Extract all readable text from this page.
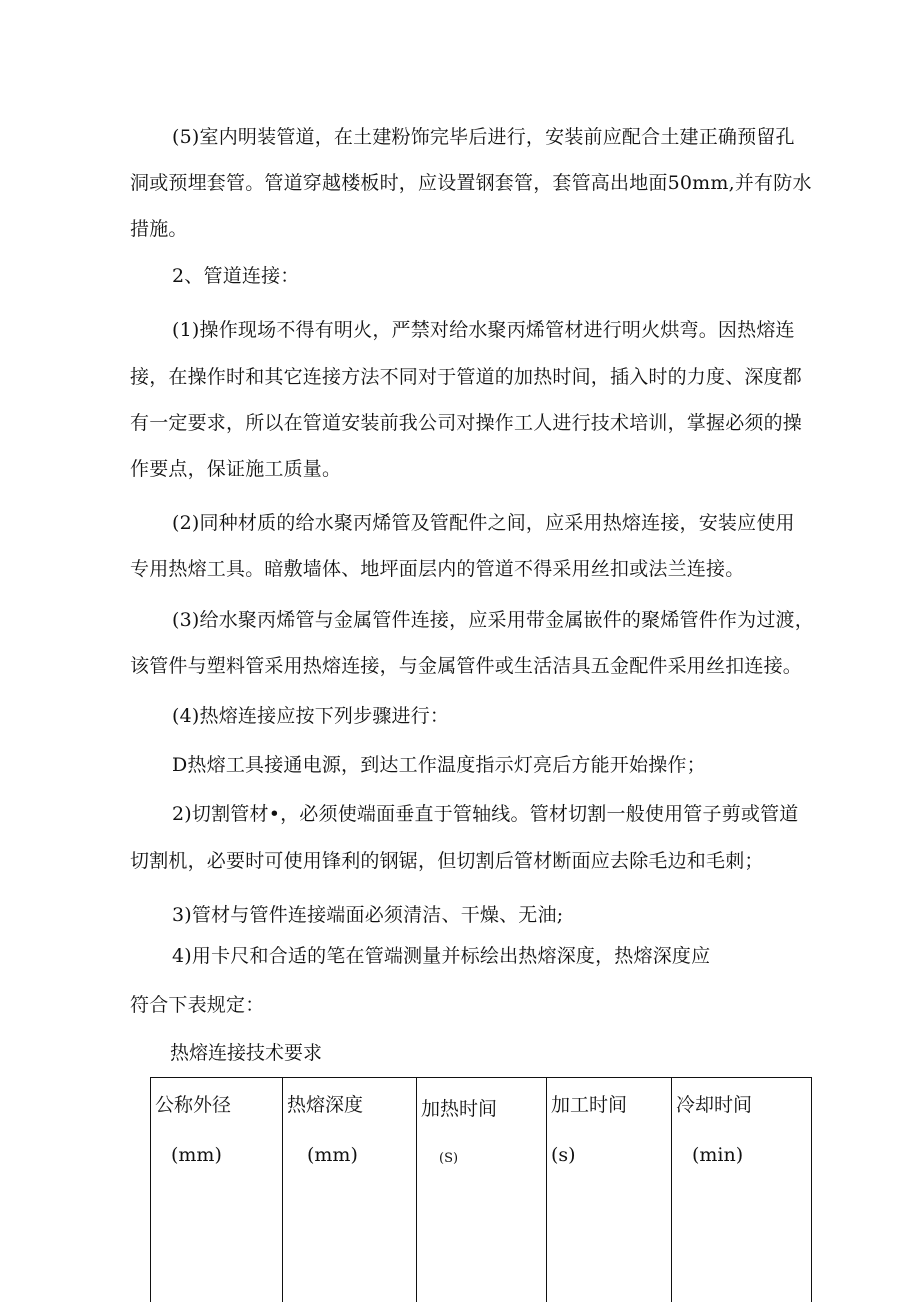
(5)室内明装管道，在土建粉饰完毕后进行，安装前应配合土建正确预留孔
洞或预埋套管。管道穿越楼板时，应设置钢套管，套管高出地面50mm,并有防水
措施。
2、管道连接：
(1)操作现场不得有明火，严禁对给水聚丙烯管材进行明火烘弯。因热熔连
接，在操作时和其它连接方法不同对于管道的加热时间，插入时的力度、深度都
有一定要求，所以在管道安装前我公司对操作工人进行技术培训，掌握必须的操
作要点，保证施工质量。
(2)同种材质的给水聚丙烯管及管配件之间，应采用热熔连接，安装应使用
专用热熔工具。暗敷墙体、地坪面层内的管道不得采用丝扣或法兰连接。
(3)给水聚丙烯管与金属管件连接，应采用带金属嵌件的聚烯管件作为过渡，
该管件与塑料管采用热熔连接，与金属管件或生活洁具五金配件采用丝扣连接。
(4)热熔连接应按下列步骤进行：
D热熔工具接通电源，到达工作温度指示灯亮后方能开始操作；
2)切割管材•，必须使端面垂直于管轴线。管材切割一般使用管子剪或管道
切割机，必要时可使用锋利的钢锯，但切割后管材断面应去除毛边和毛刺；
3)管材与管件连接端面必须清洁、干燥、无油;
4)用卡尺和合适的笔在管端测量并标绘出热熔深度，热熔深度应
符合下表规定：
热熔连接技术要求
公称外径
(mm)
热熔深度
(mm)
加热时间
(S)
加工时间
(s)
冷却时间
(min)
